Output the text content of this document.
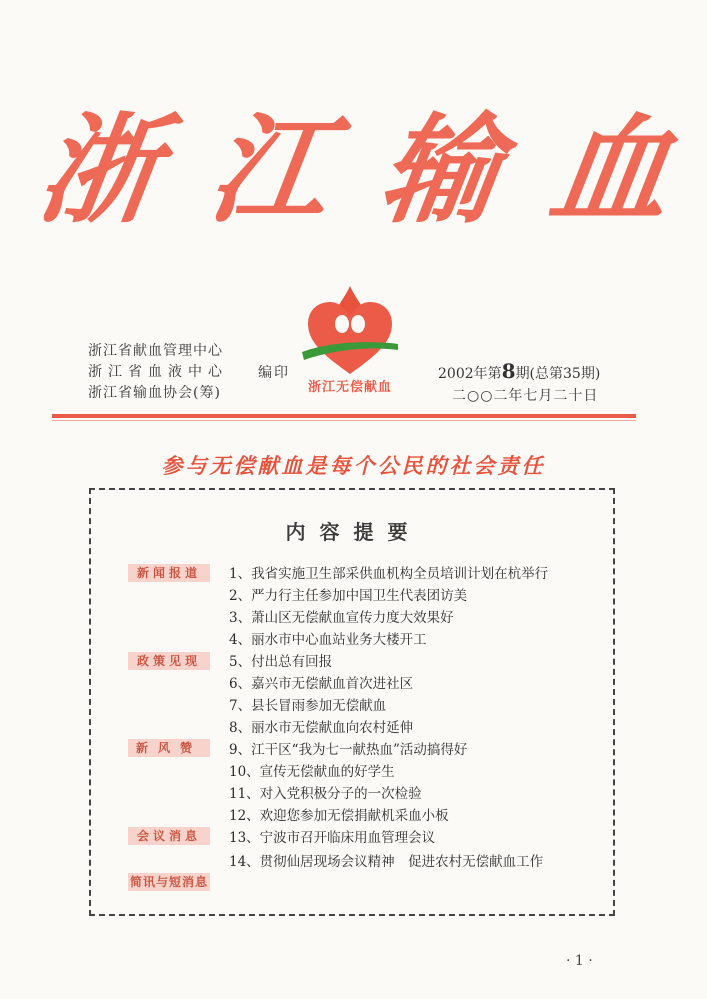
浙 江 输 血
浙江无偿献血
浙江省献血管理中心
浙江省血液中心
浙江省输血协会(筹)
编印	2002年第8期(总第35期)
二○○二年七月二十日
参与无偿献血是每个公民的社会责任
内容提要
新闻报道
政策见现
新风赞
会议消息
简讯与短消息
1、我省实施卫生部采供血机构全员培训计划在杭举行
2、严力行主任参加中国卫生代表团访美
3、萧山区无偿献血宣传力度大效果好
4、丽水市中心血站业务大楼开工
5、付出总有回报
6、嘉兴市无偿献血首次进社区
7、县长冒雨参加无偿献血
8、丽水市无偿献血向农村延伸
9、江干区“我为七一献热血”活动搞得好
10、宣传无偿献血的好学生
11、对入党积极分子的一次检验
12、欢迎您参加无偿捐献机采血小板
13、宁波市召开临床用血管理会议
14、贯彻仙居现场会议精神　促进农村无偿献血工作
· 1 ·
